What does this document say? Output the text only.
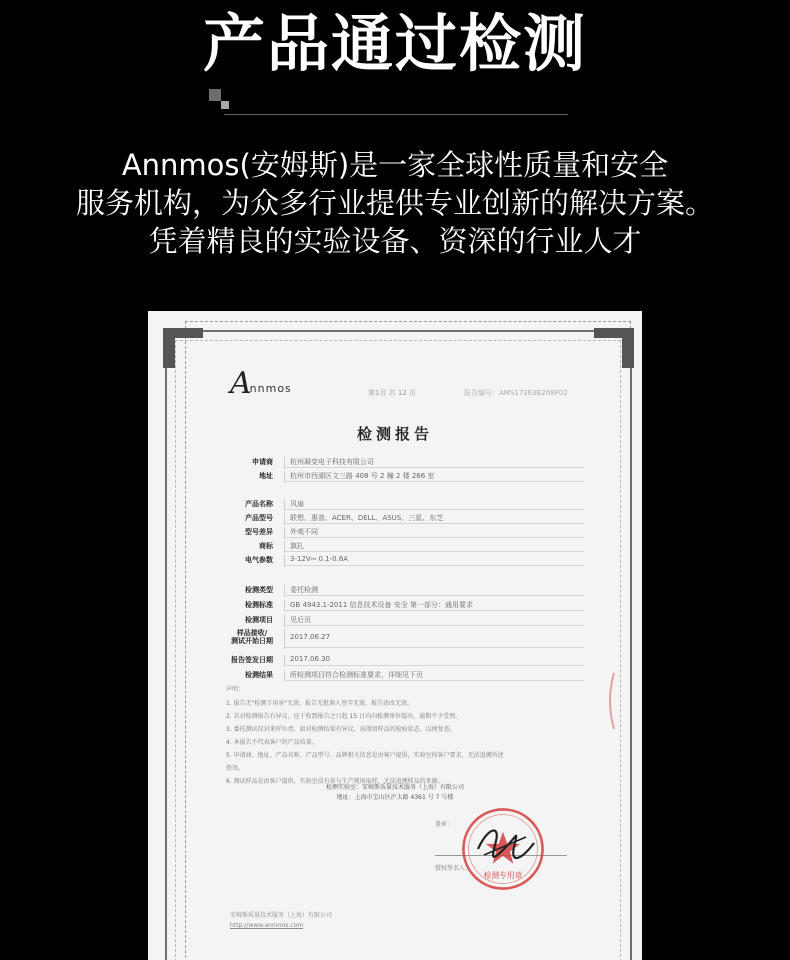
产品通过检测
Annmos(安姆斯)是一家全球性质量和安全
服务机构，为众多行业提供专业创新的解决方案。
凭着精良的实验设备、资深的行业人才
A
nnmos	第1页 共 12 页	报告编号：AMS17363B208F02
检测报告
申请商 杭州凝变电子科技有限公司
地址 杭州市西湖区文三路 408 号 2 幢 2 楼 266 室
产品名称 风扇
产品型号 联想、惠普、ACER、DELL、ASUS、三星、东芝
型号差异 外观不同
商标 旗扎
电气参数 3-12V⎓ 0.1-0.6A
检测类型 委托检测
检测标准 GB 4943.1-2011 信息技术设备 安全 第一部分：通用要求
检测项目 见后页
样品接收/
测试开始日期 2017.06.27
报告签发日期 2017.06.30
检测结果 所检测项目符合检测标准要求，详细见下页
声明：
1. 报告无"检测专用章"无效，报告无批准人签字无效，报告涂改无效。
2. 若对检测报告有异议，应于收到报告之日起 15 日内向检测单位提出，逾期不予受理。
3. 委托测试仅对来样负责，如对检测结果有异议，该保留样品的检验状态，以便复查。
4. 本报告不代表客户的产品质量。
5. 申请商、地址、产品名称、产品型号、品牌相关信息是由客户提供，实验室按客户要求，无法追溯所述
资讯。
6. 测试样品是由客户提供，实验室没有参与生产现场取样，无法追溯样品的来源。
检测实验室：安姆斯质量技术服务（上海）有限公司
地址：上海市宝山区沪太路 4361 号 7 号楼
盖章：
授权签名人：
检测专用章
安姆斯质量技术服务（上海）有限公司
http://www.annmos.com
